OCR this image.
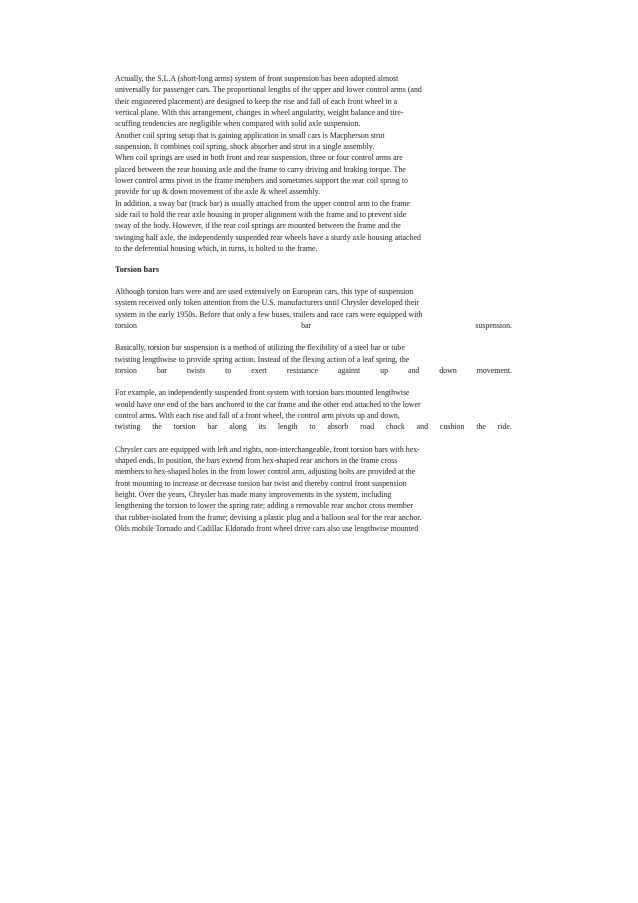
Actually, the S.L.A (short-long arms) system of front suspension has been adopted almost
universally for passenger cars. The proportional lengths of the upper and lower control arms (and
their engineered placement) are designed to keep the rise and fall of each front wheel in a
vertical plane. With this arrangement, changes in wheel angularity, weight balance and tire-
scuffing tendencies are negligible when compared with solid axle suspension.
Another coil spring setup that is gaining application in small cars is Macpherson strut
suspension. It combines coil spring, shock absorber and strut in a single assembly.
When coil springs are used in both front and rear suspension, three or four control arms are
placed between the rear housing axle and the frame to carry driving and braking torque. The
lower control arms pivot in the frame members and sometimes support the rear coil spring to
provide for up & down movement of the axle & wheel assembly.
In addition, a sway bar (track bar) is usually attached from the upper control arm to the frame
side rail to hold the rear axle housing in proper alignment with the frame and to prevent side
sway of the body. However, if the rear coil springs are mounted between the frame and the
swinging half axle, the independently suspended rear wheels have a sturdy axle housing attached
to the deferential housing which, in turns, is bolted to the frame.
Torsion bars
Although torsion bars were and are used extensively on European cars, this type of suspension
system received only token attention from the U.S. manufacturers until Chrysler developed their
system in the early 1950s. Before that only a few buses, trailers and race cars were equipped with
torsion	bar	suspension.
Basically, torsion bar suspension is a method of utilizing the flexibility of a steel bar or tube
twisting lengthwise to provide spring action. Instead of the flexing action of a leaf spring, the
torsion	bar	twists	to	exert	resistance	against	up	and	down	movement.
For example, an independently suspended front system with torsion bars mounted lengthwise
would have one end of the bars anchored to the car frame and the other end attached to the lower
control arms. With each rise and fall of a front wheel, the control arm pivots up and down,
twisting the torsion bar along its length to absorb road chock and cushion the ride.
Chrysler cars are equipped with left and rights, non-interchangeable, front torsion bars with hex-
shaped ends. In position, the bars extend from hex-shaped rear anchors in the frame cross
members to hex-shaped holes in the front lower control arm, adjusting bolts are provided at the
front mounting to increase or decrease torsion bar twist and thereby control front suspension
height. Over the years, Chrysler has made many improvements in the system, including
lengthening the torsion to lower the spring rate; adding a removable rear anchor cross member
that rubber-isolated from the frame; devising a plastic plug and a balloon seal for the rear anchor.
Olds mobile Tornado and Cadillac Eldorado front wheel drive cars also use lengthwise mounted
